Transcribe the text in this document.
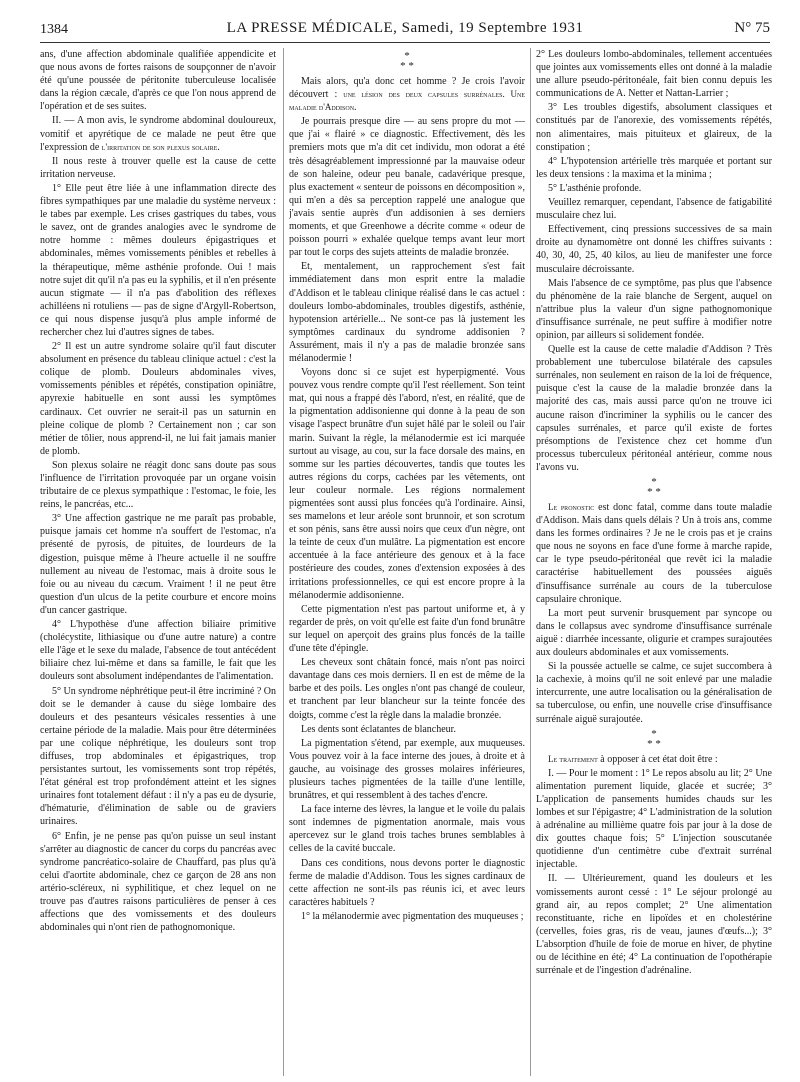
1384	LA PRESSE MÉDICALE, Samedi, 19 Septembre 1931	N° 75

ans, d'une affection abdominale qualifiée appendicite et que nous avons de fortes raisons de soupçonner de n'avoir été qu'une poussée de péritonite tuberculeuse localisée dans la région cæcale, d'après ce que l'on nous apprend de l'opération et de ses suites.

II. — A mon avis, le syndrome abdominal douloureux, vomitif et apyrétique de ce malade ne peut être que l'expression de l'irritation de son plexus solaire.

Il nous reste à trouver quelle est la cause de cette irritation nerveuse.

1° Elle peut être liée à une inflammation directe des fibres sympathiques par une maladie du système nerveux : le tabes par exemple. Les crises gastriques du tabes, vous le savez, ont de grandes analogies avec le syndrome de notre homme : mêmes douleurs épigastriques et abdominales, mêmes vomissements pénibles et rebelles à la thérapeutique, même asthénie profonde. Oui ! mais notre sujet dit qu'il n'a pas eu la syphilis, et il n'en présente aucun stigmate — il n'a pas d'abolition des réflexes achilléens ni rotuliens — pas de signe d'Argyll-Robertson, ce qui nous dispense jusqu'à plus ample informé de rechercher chez lui d'autres signes de tabes.

2° Il est un autre syndrome solaire qu'il faut discuter absolument en présence du tableau clinique actuel : c'est la colique de plomb. Douleurs abdominales vives, vomissements pénibles et répétés, constipation opiniâtre, apyrexie habituelle en sont aussi les symptômes cardinaux. Cet ouvrier ne serait-il pas un saturnin en pleine colique de plomb ? Certainement non ; car son métier de tôlier, nous apprend-il, ne lui fait jamais manier de plomb.

Son plexus solaire ne réagit donc sans doute pas sous l'influence de l'irritation provoquée par un organe voisin tributaire de ce plexus sympathique : l'estomac, le foie, les reins, le pancréas, etc...

3° Une affection gastrique ne me paraît pas probable, puisque jamais cet homme n'a souffert de l'estomac, n'a présenté de pyrosis, de pituites, de lourdeurs de la digestion, puisque même à l'heure actuelle il ne souffre nullement au niveau de l'estomac, mais à droite sous le foie ou au niveau du cæcum. Vraiment ! il ne peut être question d'un ulcus de la petite courbure et encore moins d'un cancer gastrique.

4° L'hypothèse d'une affection biliaire primitive (cholécystite, lithiasique ou d'une autre nature) a contre elle l'âge et le sexe du malade, l'absence de tout antécédent biliaire chez lui-même et dans sa famille, le fait que les douleurs sont absolument indépendantes de l'alimentation.

5° Un syndrome néphrétique peut-il être incriminé ? On doit se le demander à cause du siège lombaire des douleurs et des pesanteurs vésicales ressenties à une certaine période de la maladie. Mais pour être déterminées par une colique néphrétique, les douleurs sont trop diffuses, trop abdominales et épigastriques, trop persistantes surtout, les vomissements sont trop répétés, l'état général est trop profondément atteint et les signes urinaires font totalement défaut : il n'y a pas eu de dysurie, d'hématurie, d'élimination de sable ou de graviers urinaires.

6° Enfin, je ne pense pas qu'on puisse un seul instant s'arrêter au diagnostic de cancer du corps du pancréas avec syndrome pancréatico-solaire de Chauffard, pas plus qu'à celui d'aortite abdominale, chez ce garçon de 28 ans non artério-scléreux, ni syphilitique, et chez lequel on ne trouve pas d'autres raisons particulières de penser à ces affections que des vomissements et des douleurs abdominales qui n'ont rien de pathognomonique.

*
* *

Mais alors, qu'a donc cet homme ? Je crois l'avoir découvert : une lésion des deux capsules surrénales. Une maladie d'Addison.

Je pourrais presque dire — au sens propre du mot — que j'ai « flairé » ce diagnostic. Effectivement, dès les premiers mots que m'a dit cet individu, mon odorat a été très désagréablement impressionné par la mauvaise odeur de son haleine, odeur peu banale, cadavérique presque, plus exactement « senteur de poissons en décomposition », qui m'en a dès sa perception rappelé une analogue que j'avais sentie auprès d'un addisonien à ses derniers moments, et que Greenhowe a décrite comme « odeur de poisson pourri » exhalée quelque temps avant leur mort par tout le corps des sujets atteints de maladie bronzée.

Et, mentalement, un rapprochement s'est fait immédiatement dans mon esprit entre la maladie d'Addison et le tableau clinique réalisé dans le cas actuel : douleurs lombo-abdominales, troubles digestifs, asthénie, hypotension artérielle... Ne sont-ce pas là justement les symptômes cardinaux du syndrome addisonien ? Assurément, mais il n'y a pas de maladie bronzée sans mélanodermie !

Voyons donc si ce sujet est hyperpigmenté. Vous pouvez vous rendre compte qu'il l'est réellement. Son teint mat, qui nous a frappé dès l'abord, n'est, en réalité, que de la pigmentation addisonienne qui donne à la peau de son visage l'aspect brunâtre d'un sujet hâlé par le soleil ou l'air marin. Suivant la règle, la mélanodermie est ici marquée surtout au visage, au cou, sur la face dorsale des mains, en somme sur les parties découvertes, tandis que toutes les autres régions du corps, cachées par les vêtements, ont leur couleur normale. Les régions normalement pigmentées sont aussi plus foncées qu'à l'ordinaire. Ainsi, ses mamelons et leur aréole sont brunnoir, et son scrotum et son pénis, sans être aussi noirs que ceux d'un nègre, ont la teinte de ceux d'un mulâtre. La pigmentation est encore accentuée à la face antérieure des genoux et à la face postérieure des coudes, zones d'extension exposées à des irritations professionnelles, ce qui est encore propre à la mélanodermie addisonienne.

Cette pigmentation n'est pas partout uniforme et, à y regarder de près, on voit qu'elle est faite d'un fond brunâtre sur lequel on aperçoit des grains plus foncés de la taille d'une tête d'épingle.

Les cheveux sont châtain foncé, mais n'ont pas noirci davantage dans ces mois derniers. Il en est de même de la barbe et des poils. Les ongles n'ont pas changé de couleur, et tranchent par leur blancheur sur la teinte foncée des doigts, comme c'est la règle dans la maladie bronzée.

Les dents sont éclatantes de blancheur.

La pigmentation s'étend, par exemple, aux muqueuses. Vous pouvez voir à la face interne des joues, à droite et à gauche, au voisinage des grosses molaires inférieures, plusieurs taches pigmentées de la taille d'une lentille, brunâtres, et qui ressemblent à des taches d'encre.

La face interne des lèvres, la langue et le voile du palais sont indemnes de pigmentation anormale, mais vous apercevez sur le gland trois taches brunes semblables à celles de la cavité buccale.

Dans ces conditions, nous devons porter le diagnostic ferme de maladie d'Addison. Tous les signes cardinaux de cette affection ne sont-ils pas réunis ici, et avec leurs caractères habituels ?

1° la mélanodermie avec pigmentation des muqueuses ;

2° Les douleurs lombo-abdominales, tellement accentuées que jointes aux vomissements elles ont donné à la maladie une allure pseudo-péritonéale, fait bien connu depuis les communications de A. Netter et Nattan-Larrier ;

3° Les troubles digestifs, absolument classiques et constitués par de l'anorexie, des vomissements répétés, non alimentaires, mais pituiteux et glaireux, de la constipation ;

4° L'hypotension artérielle très marquée et portant sur les deux tensions : la maxima et la minima ;

5° L'asthénie profonde.

Veuillez remarquer, cependant, l'absence de fatigabilité musculaire chez lui.

Effectivement, cinq pressions successives de sa main droite au dynamomètre ont donné les chiffres suivants : 40, 30, 40, 25, 40 kilos, au lieu de manifester une force musculaire décroissante.

Mais l'absence de ce symptôme, pas plus que l'absence du phénomène de la raie blanche de Sergent, auquel on n'attribue plus la valeur d'un signe pathognomonique d'insuffisance surrénale, ne peut suffire à modifier notre opinion, par ailleurs si solidement fondée.

Quelle est la cause de cette maladie d'Addison ? Très probablement une tuberculose bilatérale des capsules surrénales, non seulement en raison de la loi de fréquence, puisque c'est la cause de la maladie bronzée dans la majorité des cas, mais aussi parce qu'on ne trouve ici aucune raison d'incriminer la syphilis ou le cancer des capsules surrénales, et parce qu'il existe de fortes présomptions de l'existence chez cet homme d'un processus tuberculeux péritonéal antérieur, comme nous l'avons vu.

*
* *

Le pronostic est donc fatal, comme dans toute maladie d'Addison. Mais dans quels délais ? Un à trois ans, comme dans les formes ordinaires ? Je ne le crois pas et je crains que nous ne soyons en face d'une forme à marche rapide, car le type pseudo-péritonéal que revêt ici la maladie caractérise habituellement des poussées aiguës d'insuffisance surrénale au cours de la tuberculose capsulaire chronique.

La mort peut survenir brusquement par syncope ou dans le collapsus avec syndrome d'insuffisance surrénale aiguë : diarrhée incessante, oligurie et crampes surajoutées aux douleurs abdominales et aux vomissements.

Si la poussée actuelle se calme, ce sujet succombera à la cachexie, à moins qu'il ne soit enlevé par une maladie intercurrente, une autre localisation ou la généralisation de sa tuberculose, ou enfin, une nouvelle crise d'insuffisance surrénale aiguë surajoutée.

*
* *

Le traitement à opposer à cet état doit être :

I. — Pour le moment : 1° Le repos absolu au lit; 2° Une alimentation purement liquide, glacée et sucrée; 3° L'application de pansements humides chauds sur les lombes et sur l'épigastre; 4° L'administration de la solution à adrénaline au millième quatre fois par jour à la dose de dix gouttes chaque fois; 5° L'injection souscutanée quotidienne d'un centimètre cube d'extrait surrénal injectable.

II. — Ultérieurement, quand les douleurs et les vomissements auront cessé : 1° Le séjour prolongé au grand air, au repos complet; 2° Une alimentation reconstituante, riche en lipoïdes et en cholestérine (cervelles, foies gras, ris de veau, jaunes d'œufs...); 3° L'absorption d'huile de foie de morue en hiver, de phytine ou de lécithine en été; 4° La continuation de l'opothérapie surrénale et de l'ingestion d'adrénaline.
